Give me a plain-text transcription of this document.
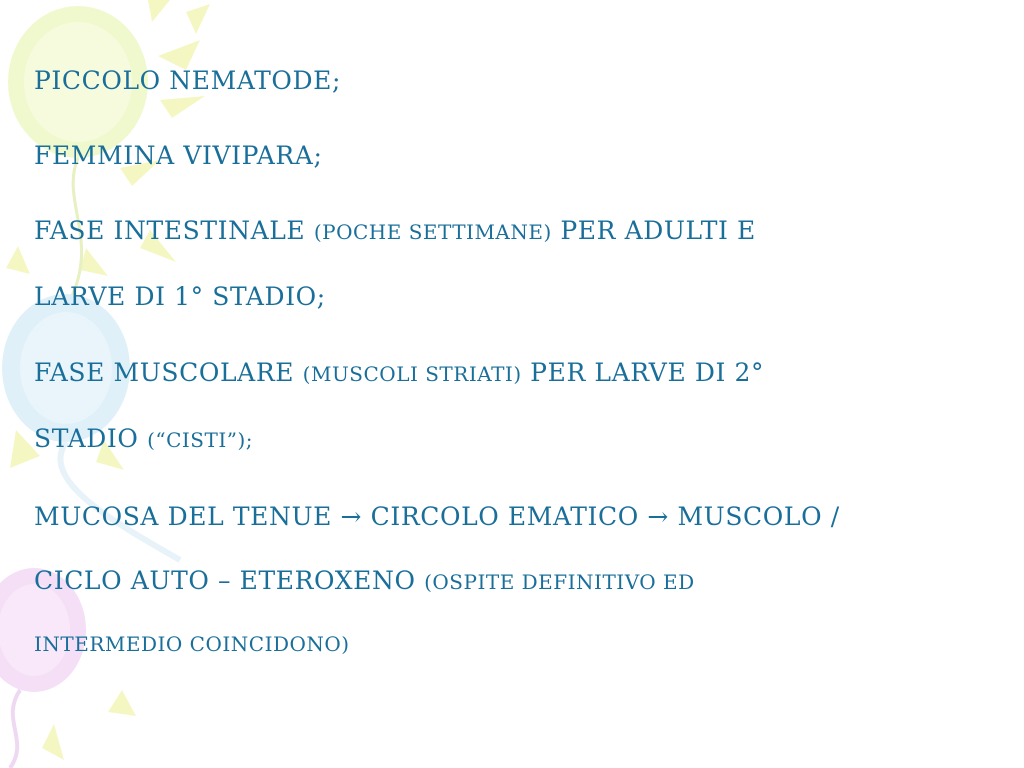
PICCOLO NEMATODE;
FEMMINA VIVIPARA;
FASE INTESTINALE (POCHE SETTIMANE) PER ADULTI E
LARVE DI 1° STADIO;
FASE MUSCOLARE (MUSCOLI STRIATI) PER LARVE DI 2°
STADIO (“CISTI”);
MUCOSA DEL TENUE → CIRCOLO EMATICO → MUSCOLO /
CICLO AUTO – ETEROXENO (OSPITE DEFINITIVO ED
INTERMEDIO COINCIDONO)
